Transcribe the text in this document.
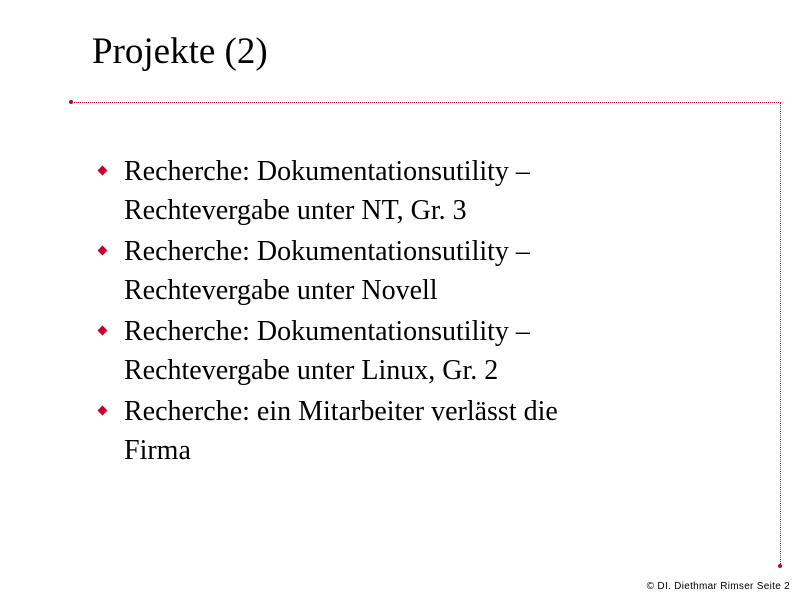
Projekte (2)
Recherche: Dokumentationsutility –
Rechtevergabe unter NT, Gr. 3
Recherche: Dokumentationsutility –
Rechtevergabe unter Novell
Recherche: Dokumentationsutility –
Rechtevergabe unter Linux, Gr. 2
Recherche: ein Mitarbeiter verlässt die
Firma
© DI. Diethmar Rimser Seite 2
